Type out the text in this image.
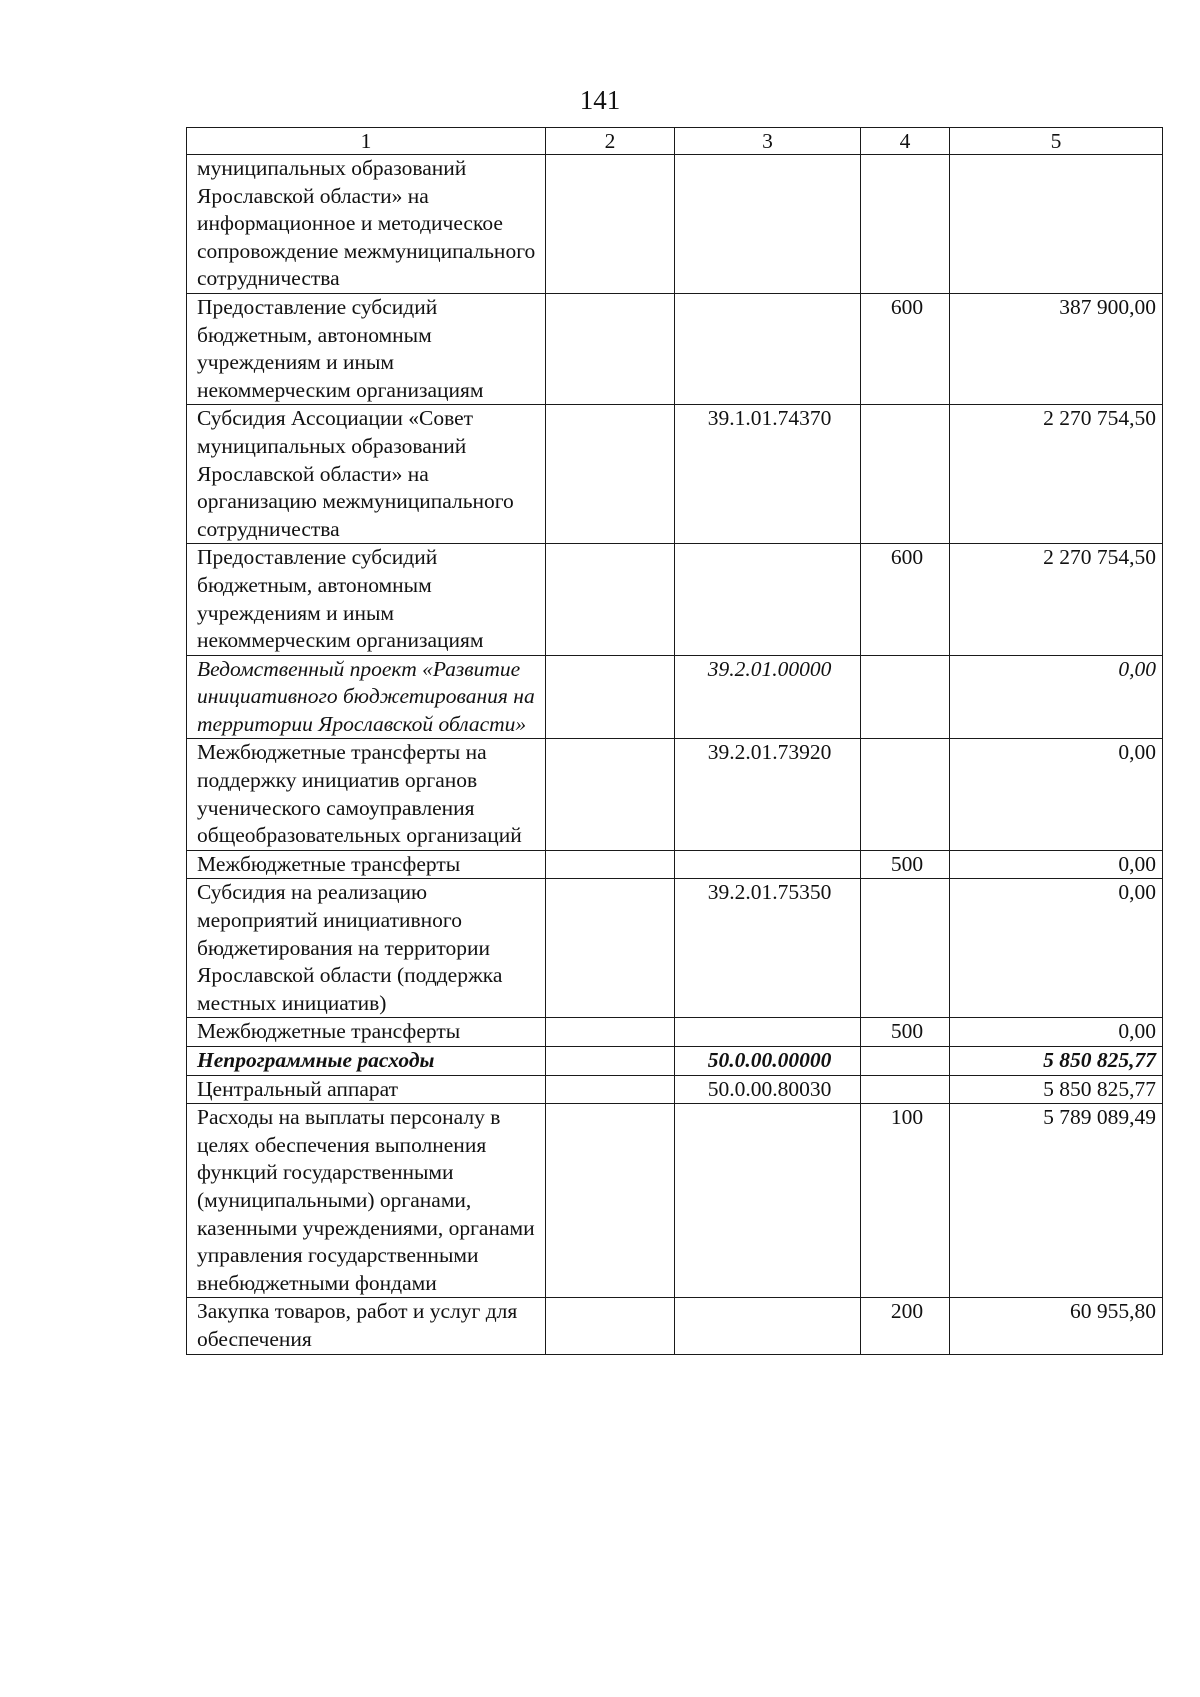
141
1	2	3	4	5
муниципальных образований Ярославской области» на информационное и методическое сопровождение межмуниципального сотрудничества				
Предоставление субсидий бюджетным, автономным учреждениям и иным некоммерческим организациям			600	387 900,00
Субсидия Ассоциации «Совет муниципальных образований Ярославской области» на организацию межмуниципального сотрудничества		39.1.01.74370		2 270 754,50
Предоставление субсидий бюджетным, автономным учреждениям и иным некоммерческим организациям			600	2 270 754,50
Ведомственный проект «Развитие инициативного бюджетирования на территории Ярославской области»		39.2.01.00000		0,00
Межбюджетные трансферты на поддержку инициатив органов ученического самоуправления общеобразовательных организаций		39.2.01.73920		0,00
Межбюджетные трансферты			500	0,00
Субсидия на реализацию мероприятий инициативного бюджетирования на территории Ярославской области (поддержка местных инициатив)		39.2.01.75350		0,00
Межбюджетные трансферты			500	0,00
Непрограммные расходы		50.0.00.00000		5 850 825,77
Центральный аппарат		50.0.00.80030		5 850 825,77
Расходы на выплаты персоналу в целях обеспечения выполнения функций государственными (муниципальными) органами, казенными учреждениями, органами управления государственными внебюджетными фондами			100	5 789 089,49
Закупка товаров, работ и услуг для обеспечения			200	60 955,80
